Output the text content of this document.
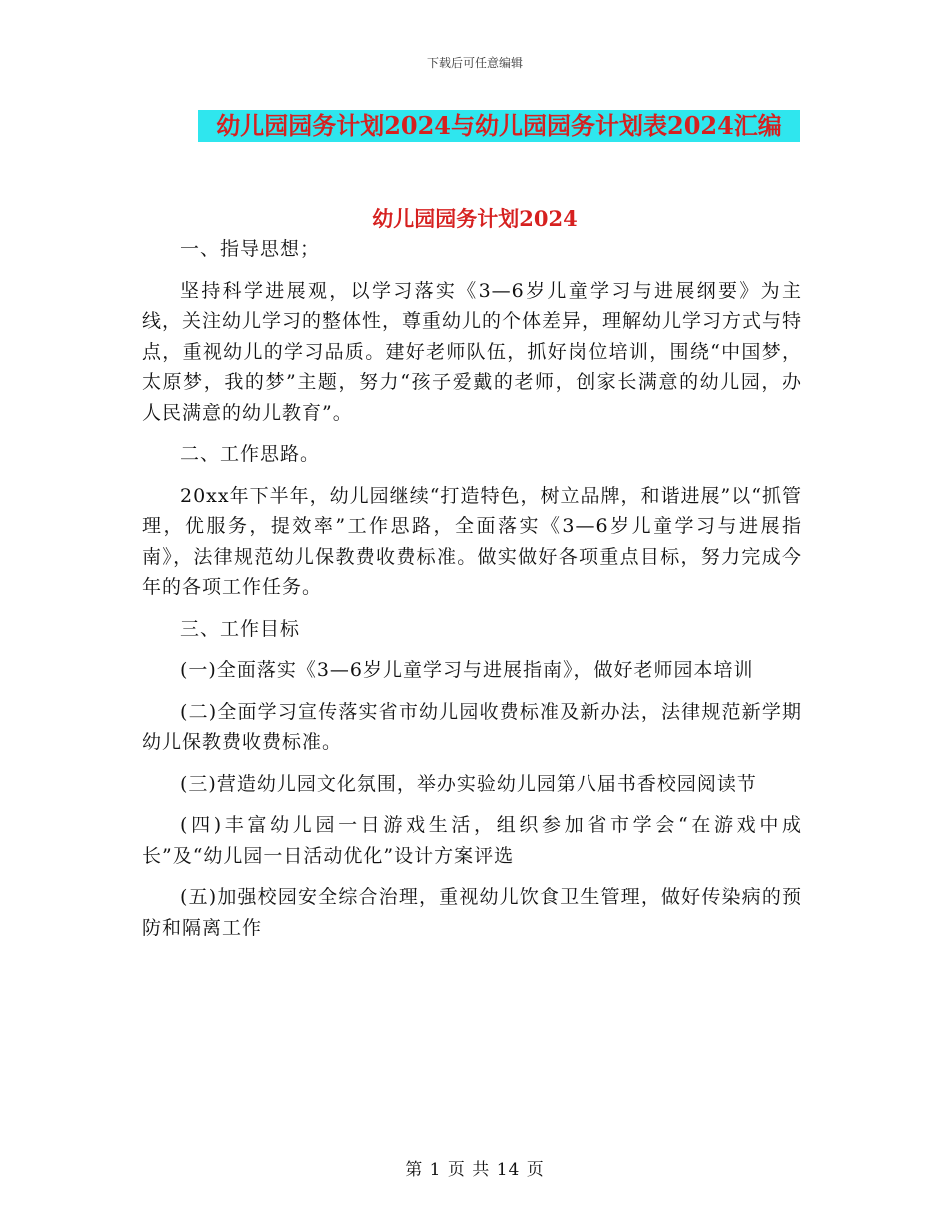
下载后可任意编辑
幼儿园园务计划2024与幼儿园园务计划表2024汇编
幼儿园园务计划2024

一、指导思想；

坚持科学进展观，以学习落实《3—6岁儿童学习与进展纲要》为主线，关注幼儿学习的整体性，尊重幼儿的个体差异，理解幼儿学习方式与特点，重视幼儿的学习品质。建好老师队伍，抓好岗位培训，围绕“中国梦，太原梦，我的梦”主题，努力“孩子爱戴的老师，创家长满意的幼儿园，办人民满意的幼儿教育”。

二、工作思路。

20xx年下半年，幼儿园继续“打造特色，树立品牌，和谐进展”以“抓管理，优服务，提效率”工作思路，全面落实《3—6岁儿童学习与进展指南》，法律规范幼儿保教费收费标准。做实做好各项重点目标，努力完成今年的各项工作任务。

三、工作目标

(一)全面落实《3—6岁儿童学习与进展指南》，做好老师园本培训

(二)全面学习宣传落实省市幼儿园收费标准及新办法，法律规范新学期幼儿保教费收费标准。

(三)营造幼儿园文化氛围，举办实验幼儿园第八届书香校园阅读节

(四)丰富幼儿园一日游戏生活，组织参加省市学会“在游戏中成长”及“幼儿园一日活动优化”设计方案评选

(五)加强校园安全综合治理，重视幼儿饮食卫生管理，做好传染病的预防和隔离工作

第 1 页 共 14 页
